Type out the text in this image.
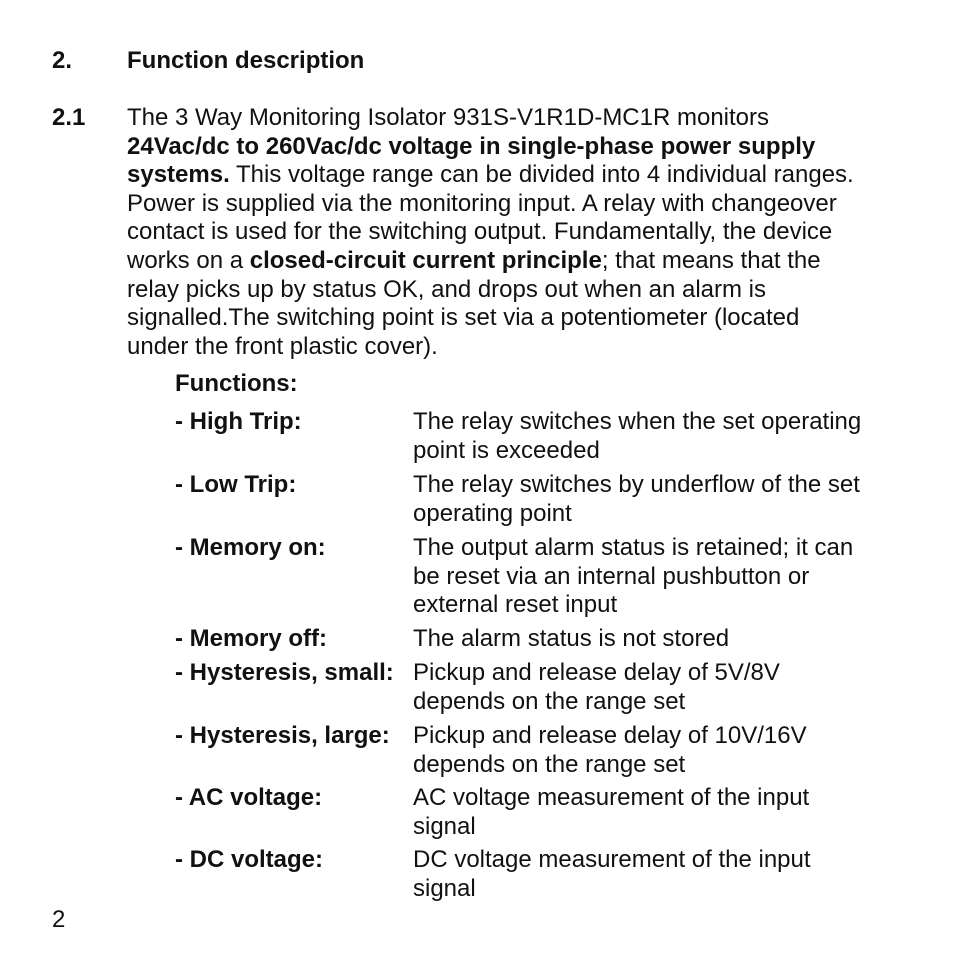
2. Function description
2.1 The 3 Way Monitoring Isolator 931S-V1R1D-MC1R monitors
24Vac/dc to 260Vac/dc voltage in single-phase power supply
systems. This voltage range can be divided into 4 individual ranges.
Power is supplied via the monitoring input. A relay with changeover
contact is used for the switching output. Fundamentally, the device
works on a closed-circuit current principle; that means that the
relay picks up by status OK, and drops out when an alarm is
signalled.The switching point is set via a potentiometer (located
under the front plastic cover).
Functions:
- High Trip:	The relay switches when the set operating
point is exceeded
- Low Trip:	The relay switches by underflow of the set
operating point
- Memory on:	The output alarm status is retained; it can
be reset via an internal pushbutton or
external reset input
- Memory off:	The alarm status is not stored
- Hysteresis, small: Pickup and release delay of 5V/8V
depends on the range set
- Hysteresis, large: Pickup and release delay of 10V/16V
depends on the range set
- AC voltage:	AC voltage measurement of the input
signal
- DC voltage:	DC voltage measurement of the input
signal
2
